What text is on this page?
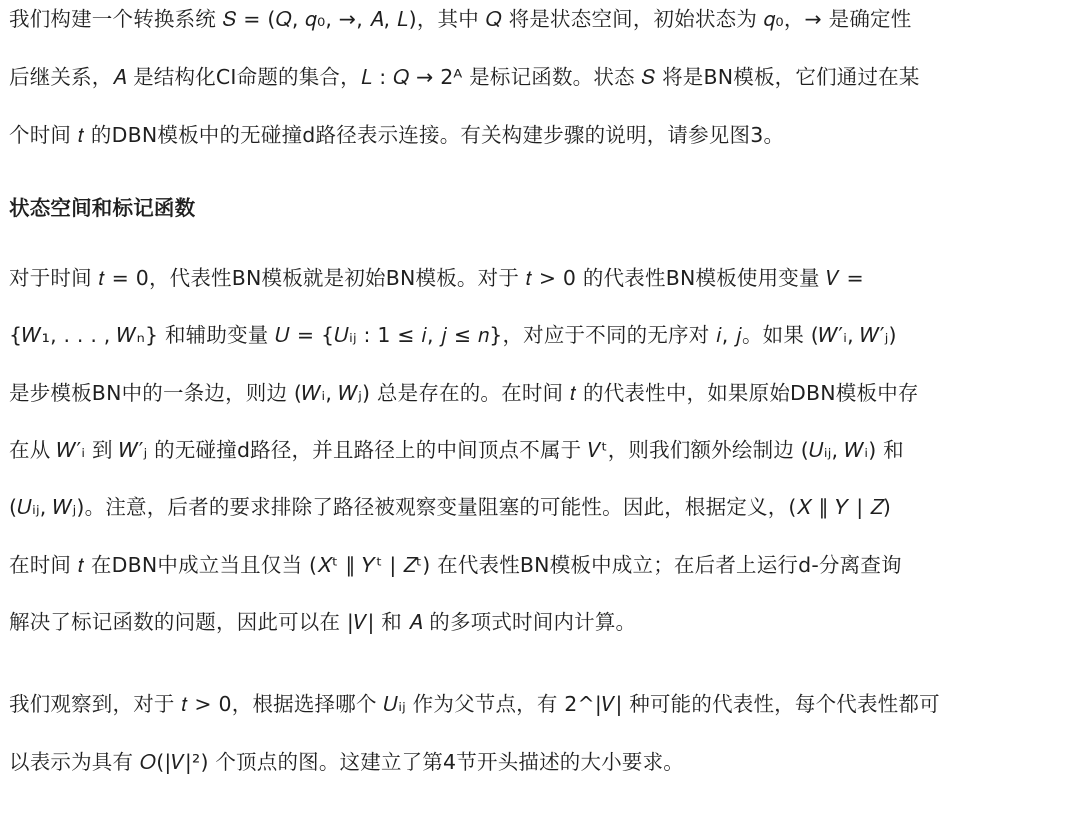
我们构建一个转换系统 𝑆 = (𝑄, 𝑞₀, →, 𝐴, 𝐿)，其中 𝑄 将是状态空间，初始状态为 𝑞₀，→ 是确定性
后继关系，𝐴 是结构化CI命题的集合，𝐿 : 𝑄 → 2ᴬ 是标记函数。状态 𝑆 将是BN模板，它们通过在某
个时间 𝑡 的DBN模板中的无碰撞d路径表示连接。有关构建步骤的说明，请参见图3。
状态空间和标记函数
对于时间 𝑡 = 0，代表性BN模板就是初始BN模板。对于 𝑡 > 0 的代表性BN模板使用变量 𝑉 =
{𝑊₁, . . . , 𝑊ₙ} 和辅助变量 𝑈 = {𝑈ᵢⱼ : 1 ≤ 𝑖, 𝑗 ≤ 𝑛}，对应于不同的无序对 𝑖, 𝑗。如果 (𝑊′ᵢ, 𝑊′ⱼ)
是步模板BN中的一条边，则边 (𝑊ᵢ, 𝑊ⱼ) 总是存在的。在时间 𝑡 的代表性中，如果原始DBN模板中存
在从 𝑊′ᵢ 到 𝑊′ⱼ 的无碰撞d路径，并且路径上的中间顶点不属于 𝑉ᵗ，则我们额外绘制边 (𝑈ᵢⱼ, 𝑊ᵢ) 和
(𝑈ᵢⱼ, 𝑊ⱼ)。注意，后者的要求排除了路径被观察变量阻塞的可能性。因此，根据定义，(𝑋 ∥ 𝑌 | 𝑍)
在时间 𝑡 在DBN中成立当且仅当 (𝑋ᵗ ∥ 𝑌ᵗ | 𝑍ᵗ) 在代表性BN模板中成立；在后者上运行d-分离查询
解决了标记函数的问题，因此可以在 |𝑉| 和 𝐴 的多项式时间内计算。
我们观察到，对于 𝑡 > 0，根据选择哪个 𝑈ᵢⱼ 作为父节点，有 2^|𝑉| 种可能的代表性，每个代表性都可
以表示为具有 𝑂(|𝑉|²) 个顶点的图。这建立了第4节开头描述的大小要求。
